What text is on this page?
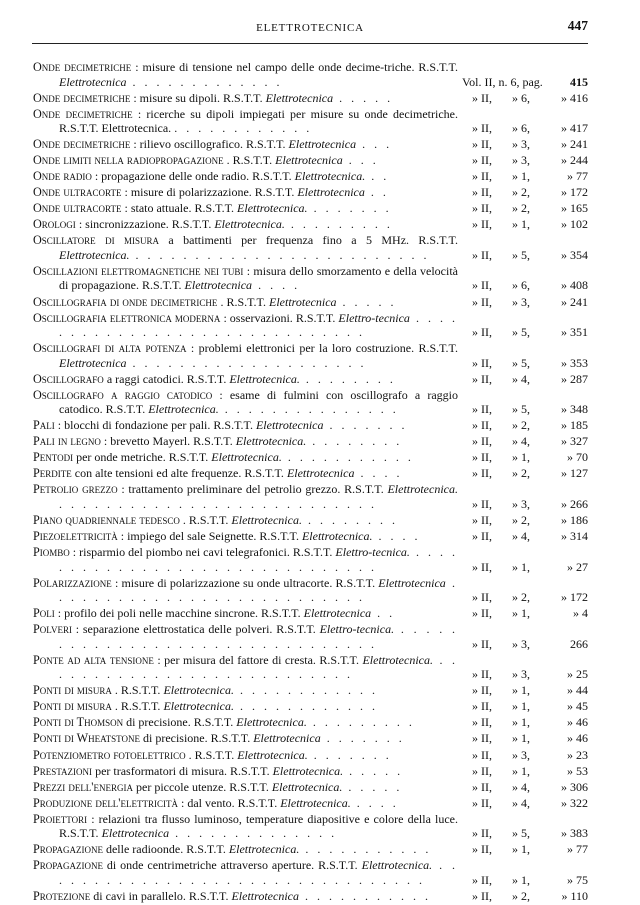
ELETTROTECNICA	447
Onde decimetriche : misure di tensione nel campo delle onde decime-triche. R.S.T.T. Elettrotecnica . . . . . . . . . . . . .	Vol. II, n. 6, pag. 415
Onde decimetriche : misure su dipoli. R.S.T.T. Elettrotecnica . . . . .	» II, » 6,	» 416
Onde decimetriche : ricerche su dipoli impiegati per misure su onde decimetriche. R.S.T.T. Elettrotecnica. . . . . . . . . . . . .	» II, » 6,	» 417
Onde decimetriche : rilievo oscillografico. R.S.T.T. Elettrotecnica . . .	» II, » 3,	» 241
Onde limiti nella radiopropagazione . R.S.T.T. Elettrotecnica . . .	» II, » 3,	» 244
Onde radio : propagazione delle onde radio. R.S.T.T. Elettrotecnica. . .	» II, » 1,	» 77
Onde ultracorte : misure di polarizzazione. R.S.T.T. Elettrotecnica . .	» II, » 2,	» 172
Onde ultracorte : stato attuale. R.S.T.T. Elettrotecnica. . . . . . . .	» II, » 2,	» 165
Orologi : sincronizzazione. R.S.T.T. Elettrotecnica. . . . . . . . . .	» II, » 1,	» 102
Oscillatore di misura a battimenti per frequenza fino a 5 MHz. R.S.T.T. Elettrotecnica. . . . . . . . . . . . . . . . . . . . . . . . . .	» II, » 5,	» 354
Oscillazioni elettromagnetiche nei tubi : misura dello smorzamento e della velocità di propagazione. R.S.T.T. Elettrotecnica . . . .	» II, » 6,	» 408
Oscillografia di onde decimetriche . R.S.T.T. Elettrotecnica . . . . .	» II, » 3,	» 241
Oscillografia elettronica moderna : osservazioni. R.S.T.T. Elettro-tecnica . . . . . . . . . . . . . . . . . . . . . . . . . . . . . .	» II, » 5,	» 351
Oscillografi di alta potenza : problemi elettronici per la loro costruzione. R.S.T.T. Elettrotecnica . . . . . . . . . . . . . . . . . . . .	» II, » 5,	» 353
Oscillografo a raggi catodici. R.S.T.T. Elettrotecnica. . . . . . . . .	» II, » 4,	» 287
Oscillografo a raggio catodico : esame di fulmini con oscillografo a raggio catodico. R.S.T.T. Elettrotecnica. . . . . . . . . . . . . . . .	» II, » 5,	» 348
Pali : blocchi di fondazione per pali. R.S.T.T. Elettrotecnica . . . . . . .	» II, » 2,	» 185
Pali in legno : brevetto Mayerl. R.S.T.T. Elettrotecnica. . . . . . . . .	» II, » 4,	» 327
Pentodi per onde metriche. R.S.T.T. Elettrotecnica. . . . . . . . . . . .	» II, » 1,	» 70
Perdite con alte tensioni ed alte frequenze. R.S.T.T. Elettrotecnica . . . .	» II, » 2,	» 127
Petrolio grezzo : trattamento preliminare del petrolio grezzo. R.S.T.T. Elettrotecnica. . . . . . . . . . . . . . . . . . . . . . . . . . . .	» II, » 3,	» 266
Piano quadriennale tedesco . R.S.T.T. Elettrotecnica. . . . . . . . .	» II, » 2,	» 186
Piezoelettricità : impiego del sale Seignette. R.S.T.T. Elettrotecnica. . . . .	» II, » 4,	» 314
Piombo : risparmio del piombo nei cavi telegrafonici. R.S.T.T. Elettro-tecnica. . . . . . . . . . . . . . . . . . . . . . . . . . . . . . . .	» II, » 1,	» 27
Polarizzazione : misure di polarizzazione su onde ultracorte. R.S.T.T. Elettrotecnica . . . . . . . . . . . . . . . . . . . . . . . . . . .	» II, » 2,	» 172
Poli : profilo dei poli nelle macchine sincrone. R.S.T.T. Elettrotecnica . .	» II, » 1,	» 4
Polveri : separazione elettrostatica delle polveri. R.S.T.T. Elettro-tecnica. . . . . . . . . . . . . . . . . . . . . . . . . . . . . . . . .	» II, » 3,	266
Ponte ad alta tensione : per misura del fattore di cresta. R.S.T.T. Elettrotecnica. . . . . . . . . . . . . . . . . . . . . . . . . . . .	» II, » 3,	» 25
Ponti di misura . R.S.T.T. Elettrotecnica. . . . . . . . . . . . .	» II, » 1,	» 44
Ponti di misura . R.S.T.T. Elettrotecnica. . . . . . . . . . . . .	» II, » 1,	» 45
Ponti di Thomson di precisione. R.S.T.T. Elettrotecnica. . . . . . . . . .	» II, » 1,	» 46
Ponti di Wheatstone di precisione. R.S.T.T. Elettrotecnica . . . . . . .	» II, » 1,	» 46
Potenziometro fotoelettrico . R.S.T.T. Elettrotecnica. . . . . . . .	» II, » 3,	» 23
Prestazioni per trasformatori di misura. R.S.T.T. Elettrotecnica. . . . . .	» II, » 1,	» 53
Prezzi dell'energia per piccole utenze. R.S.T.T. Elettrotecnica. . . . . .	» II, » 4,	» 306
Produzione dell'elettricità : dal vento. R.S.T.T. Elettrotecnica. . . . .	» II, » 4,	» 322
Proiettori : relazioni tra flusso luminoso, temperature diapositive e colore della luce. R.S.T.T. Elettrotecnica . . . . . . . . . . . . . .	» II, » 5,	» 383
Propagazione delle radioonde. R.S.T.T. Elettrotecnica. . . . . . . . . . . .	» II, » 1,	» 77
Propagazione di onde centrimetriche attraverso aperture. R.S.T.T. Elettrotecnica. . . . . . . . . . . . . . . . . . . . . . . . . . . . . . . . . .	» II, » 1,	» 75
Protezione di cavi in parallelo. R.S.T.T. Elettrotecnica . . . . . . . . . . .	» II, » 2,	» 110
